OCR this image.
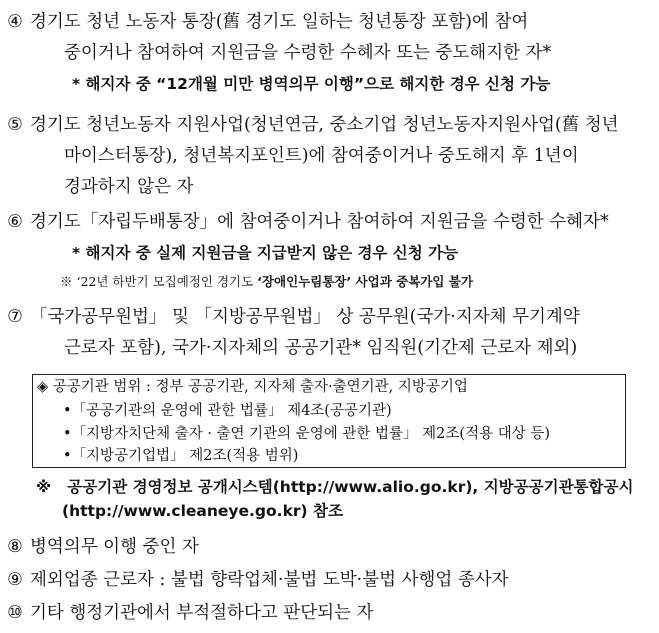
④ 경기도 청년 노동자 통장(舊 경기도 일하는 청년통장 포함)에 참여
중이거나 참여하여 지원금을 수령한 수혜자 또는 중도해지한 자*
* 해지자 중 “12개월 미만 병역의무 이행”으로 해지한 경우 신청 가능
⑤ 경기도 청년노동자 지원사업(청년연금, 중소기업 청년노동자지원사업(舊 청년
마이스터통장), 청년복지포인트)에 참여중이거나 중도해지 후 1년이
경과하지 않은 자
⑥ 경기도「자립두배통장」에 참여중이거나 참여하여 지원금을 수령한 수혜자*
* 해지자 중 실제 지원금을 지급받지 않은 경우 신청 가능
※ ‘22년 하반기 모집예정인 경기도 ‘장애인누림통장’ 사업과 중복가입 불가
⑦ 「국가공무원법」 및 「지방공무원법」 상 공무원(국가·지자체 무기계약
근로자 포함), 국가·지자체의 공공기관* 임직원(기간제 근로자 제외)
◈ 공공기관 범위 : 정부 공공기관, 지자체 출자·출연기관, 지방공기업
•「공공기관의 운영에 관한 법률」 제4조(공공기관)
•「지방자치단체 출자 · 출연 기관의 운영에 관한 법률」 제2조(적용 대상 등)
•「지방공기업법」 제2조(적용 범위)
※ 공공기관 경영정보 공개시스템(http://www.alio.go.kr), 지방공공기관통합공시
(http://www.cleaneye.go.kr) 참조
⑧ 병역의무 이행 중인 자
⑨ 제외업종 근로자 : 불법 향락업체·불법 도박·불법 사행업 종사자
⑩ 기타 행정기관에서 부적절하다고 판단되는 자
